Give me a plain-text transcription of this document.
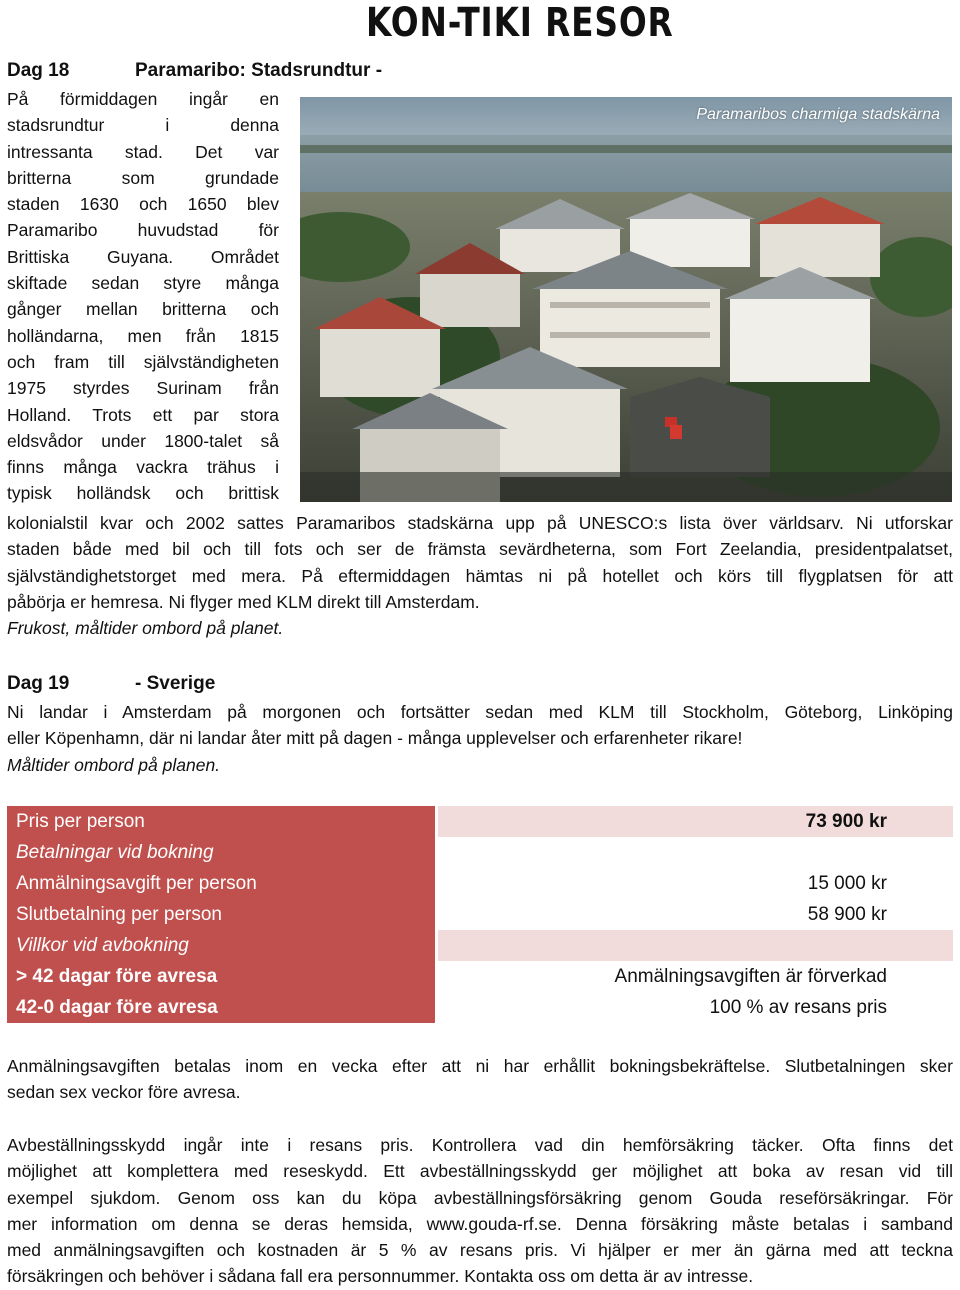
KON-TIKI RESOR
Dag 18	Paramaribo: Stadsrundtur -
På förmiddagen ingår en
stadsrundtur i denna
intressanta stad. Det var
britterna som grundade
staden 1630 och 1650 blev
Paramaribo huvudstad för
Brittiska Guyana. Området
skiftade sedan styre många
gånger mellan britterna och
holländarna, men från 1815
och fram till självständigheten
1975 styrdes Surinam från
Holland. Trots ett par stora
eldsvådor under 1800-talet så
finns många vackra trähus i
typisk holländsk och brittisk
Paramaribos charmiga stadskärna
kolonialstil kvar och 2002 sattes Paramaribos stadskärna upp på UNESCO:s lista över världsarv. Ni utforskar
staden både med bil och till fots och ser de främsta sevärdheterna, som Fort Zeelandia, presidentpalatset,
självständighetstorget med mera. På eftermiddagen hämtas ni på hotellet och körs till flygplatsen för att
påbörja er hemresa. Ni flyger med KLM direkt till Amsterdam.
Frukost, måltider ombord på planet.
Dag 19	- Sverige
Ni landar i Amsterdam på morgonen och fortsätter sedan med KLM till Stockholm, Göteborg, Linköping
eller Köpenhamn, där ni landar åter mitt på dagen - många upplevelser och erfarenheter rikare!
Måltider ombord på planen.
Pris per person	73 900 kr
Betalningar vid bokning
Anmälningsavgift per person	15 000 kr
Slutbetalning per person	58 900 kr
Villkor vid avbokning
> 42 dagar före avresa	Anmälningsavgiften är förverkad
42-0 dagar före avresa	100 % av resans pris
Anmälningsavgiften betalas inom en vecka efter att ni har erhållit bokningsbekräftelse. Slutbetalningen sker
sedan sex veckor före avresa.
Avbeställningsskydd ingår inte i resans pris. Kontrollera vad din hemförsäkring täcker. Ofta finns det
möjlighet att komplettera med reseskydd. Ett avbeställningsskydd ger möjlighet att boka av resan vid till
exempel sjukdom. Genom oss kan du köpa avbeställningsförsäkring genom Gouda reseförsäkringar. För
mer information om denna se deras hemsida, www.gouda-rf.se. Denna försäkring måste betalas i samband
med anmälningsavgiften och kostnaden är 5 % av resans pris. Vi hjälper er mer än gärna med att teckna
försäkringen och behöver i sådana fall era personnummer. Kontakta oss om detta är av intresse.
